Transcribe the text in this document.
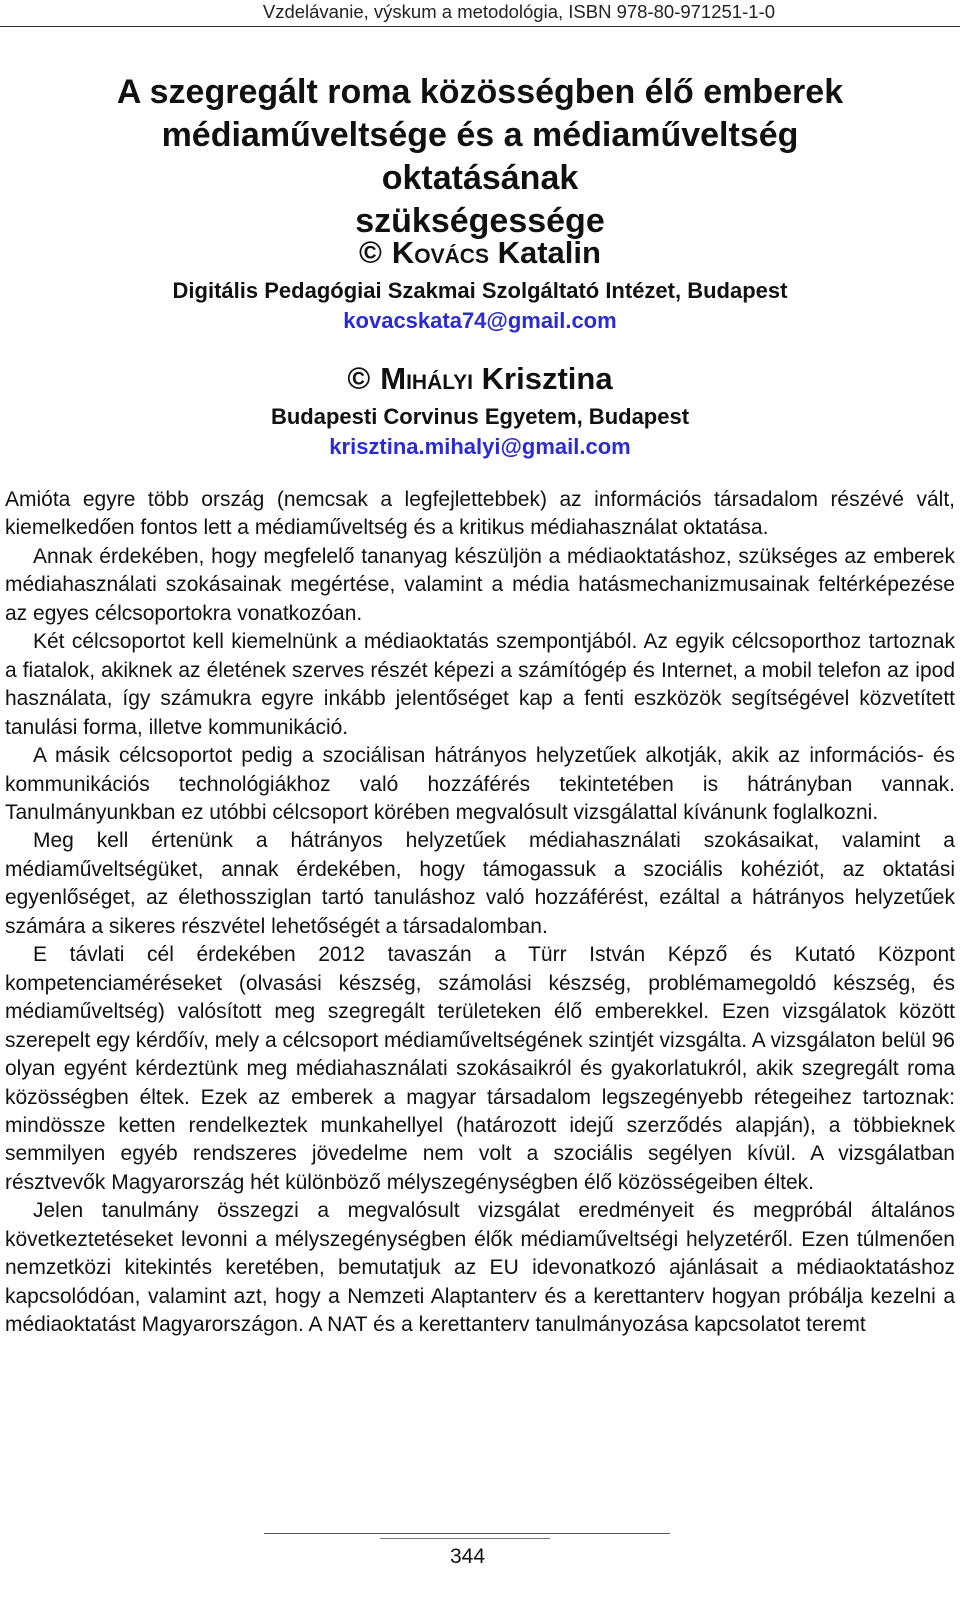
Vzdelávanie, výskum a metodológia, ISBN 978-80-971251-1-0
A szegregált roma közösségben élő emberek
médiaműveltsége és a médiaműveltség oktatásának
szükségessége
© KOVÁCS Katalin
Digitális Pedagógiai Szakmai Szolgáltató Intézet, Budapest
kovacskata74@gmail.com
© MIHÁLYI Krisztina
Budapesti Corvinus Egyetem, Budapest
krisztina.mihalyi@gmail.com

Amióta egyre több ország (nemcsak a legfejlettebbek) az információs társadalom részévé vált, kiemelkedően fontos lett a médiaműveltség és a kritikus médiahasználat oktatása.

Annak érdekében, hogy megfelelő tananyag készüljön a médiaoktatáshoz, szükséges az emberek médiahasználati szokásainak megértése, valamint a média hatásmechanizmusainak feltérképezése az egyes célcsoportokra vonatkozóan.

Két célcsoportot kell kiemelnünk a médiaoktatás szempontjából. Az egyik célcsoporthoz tartoznak a fiatalok, akiknek az életének szerves részét képezi a számítógép és Internet, a mobil telefon az ipod használata, így számukra egyre inkább jelentőséget kap a fenti eszközök segítségével közvetített tanulási forma, illetve kommunikáció.

A másik célcsoportot pedig a szociálisan hátrányos helyzetűek alkotják, akik az információs- és kommunikációs technológiákhoz való hozzáférés tekintetében is hátrányban vannak. Tanulmányunkban ez utóbbi célcsoport körében megvalósult vizsgálattal kívánunk foglalkozni.

Meg kell értenünk a hátrányos helyzetűek médiahasználati szokásaikat, valamint a médiaműveltségüket, annak érdekében, hogy támogassuk a szociális kohéziót, az oktatási egyenlőséget, az élethossziglan tartó tanuláshoz való hozzáférést, ezáltal a hátrányos helyzetűek számára a sikeres részvétel lehetőségét a társadalomban.

E távlati cél érdekében 2012 tavaszán a Türr István Képző és Kutató Központ kompetenciaméréseket (olvasási készség, számolási készség, problémamegoldó készség, és médiaműveltség) valósított meg szegregált területeken élő emberekkel. Ezen vizsgálatok között szerepelt egy kérdőív, mely a célcsoport médiaműveltségének szintjét vizsgálta. A vizsgálaton belül 96 olyan egyént kérdeztünk meg médiahasználati szokásaikról és gyakorlatukról, akik szegregált roma közösségben éltek. Ezek az emberek a magyar társadalom legszegényebb rétegeihez tartoznak: mindössze ketten rendelkeztek munkahellyel (határozott idejű szerződés alapján), a többieknek semmilyen egyéb rendszeres jövedelme nem volt a szociális segélyen kívül. A vizsgálatban résztvevők Magyarország hét különböző mélyszegénységben élő közösségeiben éltek.

Jelen tanulmány összegzi a megvalósult vizsgálat eredményeit és megpróbál általános következtetéseket levonni a mélyszegénységben élők médiaműveltségi helyzetéről. Ezen túlmenően nemzetközi kitekintés keretében, bemutatjuk az EU idevonatkozó ajánlásait a médiaoktatáshoz kapcsolódóan, valamint azt, hogy a Nemzeti Alaptanterv és a kerettanterv hogyan próbálja kezelni a médiaoktatást Magyarországon. A NAT és a kerettanterv tanulmányozása kapcsolatot teremt

344
